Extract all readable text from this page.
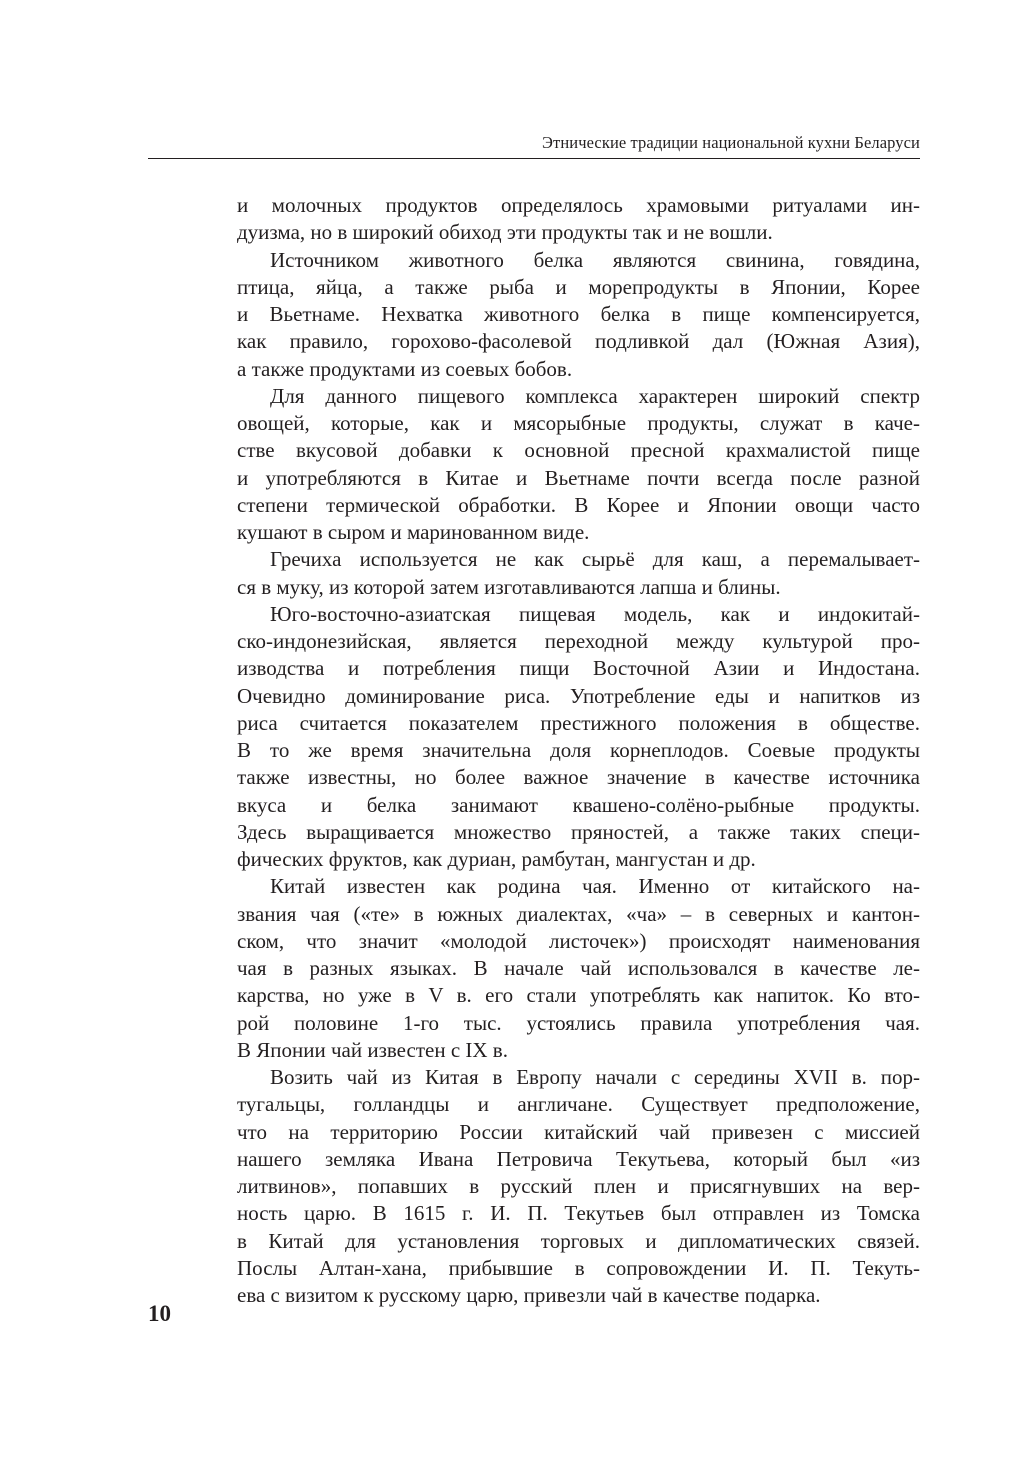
Этнические традиции национальной кухни Беларуси
и молочных продуктов определялось храмовыми ритуалами ин-
дуизма, но в широкий обиход эти продукты так и не вошли.
Источником животного белка являются свинина, говядина,
птица, яйца, а также рыба и морепродукты в Японии, Корее
и Вьетнаме. Нехватка животного белка в пище компенсируется,
как правило, горохово-фасолевой подливкой дал (Южная Азия),
а также продуктами из соевых бобов.
Для данного пищевого комплекса характерен широкий спектр
овощей, которые, как и мясорыбные продукты, служат в каче-
стве вкусовой добавки к основной пресной крахмалистой пище
и употребляются в Китае и Вьетнаме почти всегда после разной
степени термической обработки. В Корее и Японии овощи часто
кушают в сыром и маринованном виде.
Гречиха используется не как сырьё для каш, а перемалывает-
ся в муку, из которой затем изготавливаются лапша и блины.
Юго-восточно-азиатская пищевая модель, как и индокитай-
ско-индонезийская, является переходной между культурой про-
изводства и потребления пищи Восточной Азии и Индостана.
Очевидно доминирование риса. Употребление еды и напитков из
риса считается показателем престижного положения в обществе.
В то же время значительна доля корнеплодов. Соевые продукты
также известны, но более важное значение в качестве источника
вкуса и белка занимают квашено-солёно-рыбные продукты.
Здесь выращивается множество пряностей, а также таких специ-
фических фруктов, как дуриан, рамбутан, мангустан и др.
Китай известен как родина чая. Именно от китайского на-
звания чая («те» в южных диалектах, «ча» – в северных и кантон-
ском, что значит «молодой листочек») происходят наименования
чая в разных языках. В начале чай использовался в качестве ле-
карства, но уже в V в. его стали употреблять как напиток. Ко вто-
рой половине 1-го тыс. устоялись правила употребления чая.
В Японии чай известен с IX в.
Возить чай из Китая в Европу начали с середины XVII в. пор-
тугальцы, голландцы и англичане. Существует предположение,
что на территорию России китайский чай привезен с миссией
нашего земляка Ивана Петровича Текутьева, который был «из
литвинов», попавших в русский плен и присягнувших на вер-
ность царю. В 1615 г. И. П. Текутьев был отправлен из Томска
в Китай для установления торговых и дипломатических связей.
Послы Алтан-хана, прибывшие в сопровождении И. П. Текуть-
ева с визитом к русскому царю, привезли чай в качестве подарка.
10
